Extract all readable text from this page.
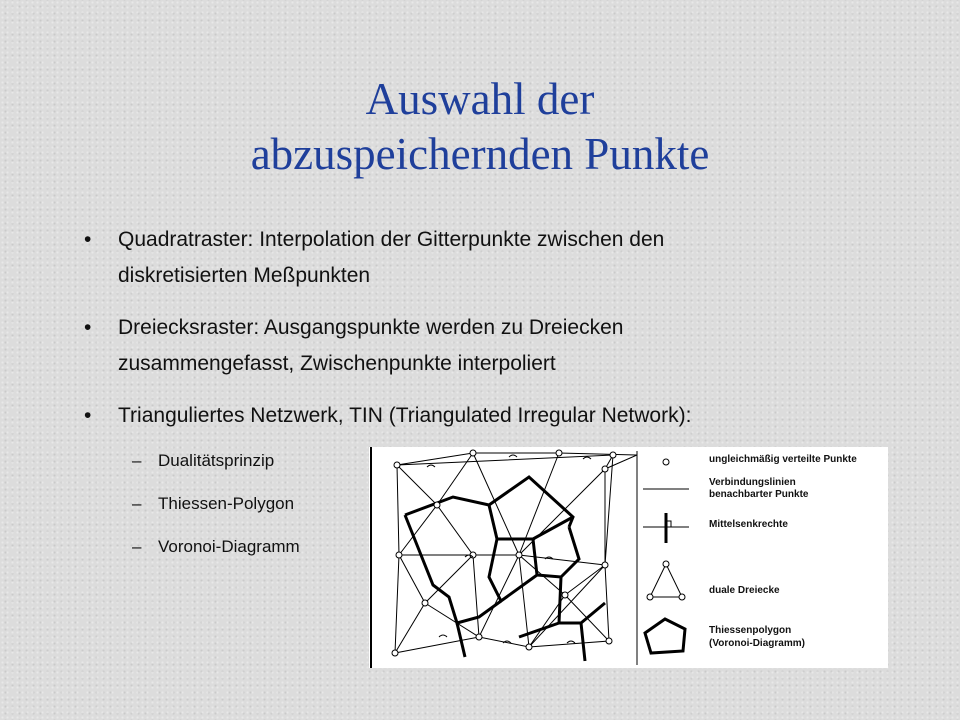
Auswahl der
abzuspeichernden Punkte
• Quadratraster: Interpolation der Gitterpunkte zwischen den
diskretisierten Meßpunkten
• Dreiecksraster: Ausgangspunkte werden zu Dreiecken
zusammengefasst, Zwischenpunkte interpoliert
• Trianguliertes Netzwerk, TIN (Triangulated Irregular Network):
– Dualitätsprinzip
– Thiessen-Polygon
– Voronoi-Diagramm
ungleichmäßig verteilte Punkte
Verbindungslinien
benachbarter Punkte
Mittelsenkrechte
duale Dreiecke
Thiessenpolygon
(Voronoi-Diagramm)
